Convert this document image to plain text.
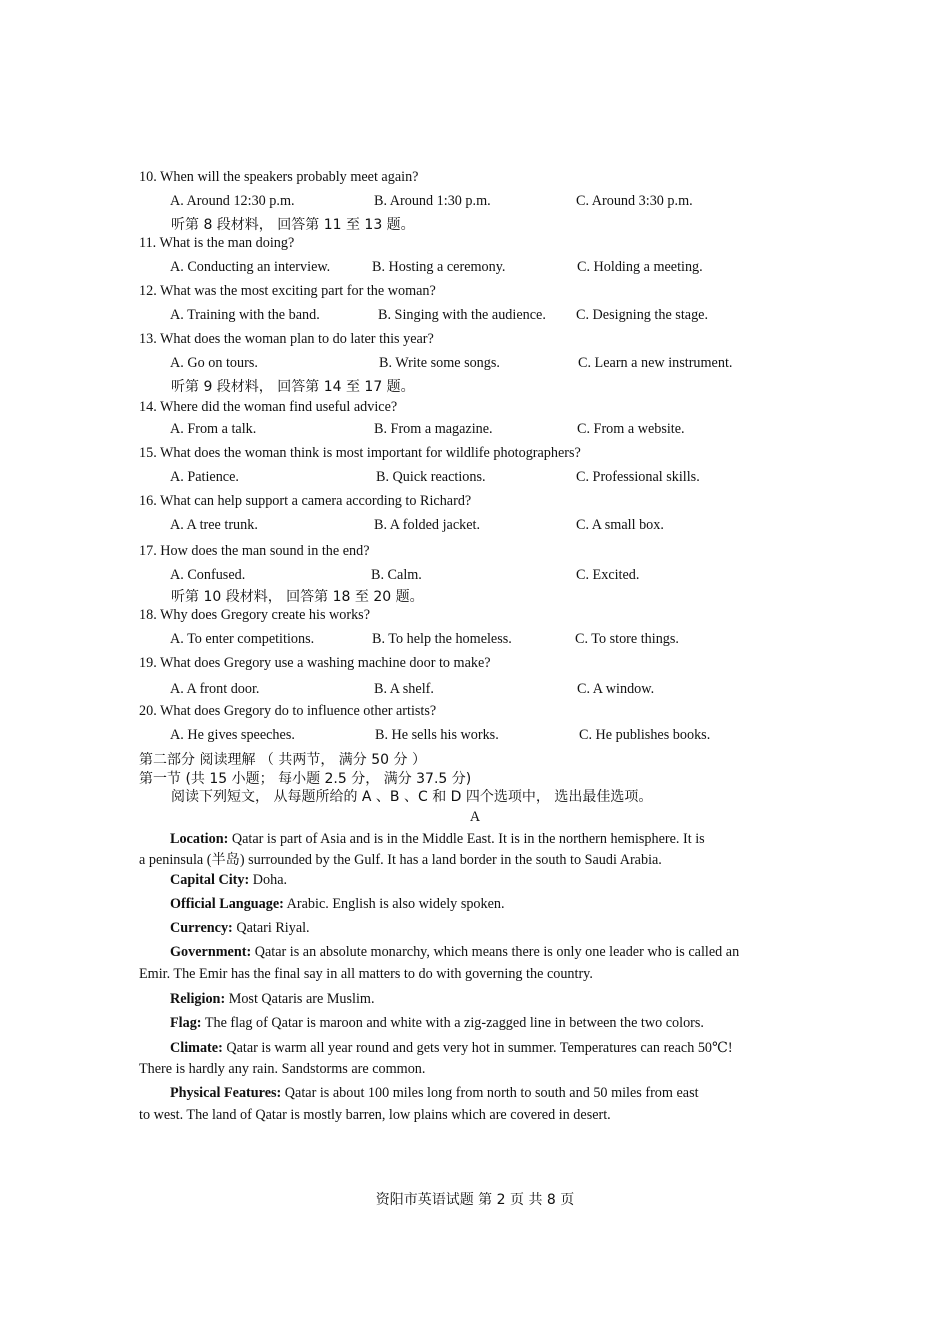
10. When will the speakers probably meet again?
A. Around 12:30 p.m.	B. Around 1:30 p.m.	C. Around 3:30 p.m.
听第 8 段材料， 回答第 11 至 13 题。
11. What is the man doing?
A. Conducting an interview.	B. Hosting a ceremony.	C. Holding a meeting.
12. What was the most exciting part for the woman?
A. Training with the band.	B. Singing with the audience. C. Designing the stage.
13. What does the woman plan to do later this year?
A. Go on tours.	B. Write some songs.	C. Learn a new instrument.
听第 9 段材料， 回答第 14 至 17 题。
14. Where did the woman find useful advice?
A. From a talk.	B. From a magazine.	C. From a website.
15. What does the woman think is most important for wildlife photographers?
A. Patience.	B. Quick reactions.	C. Professional skills.
16. What can help support a camera according to Richard?
A. A tree trunk.	B. A folded jacket.	C. A small box.
17. How does the man sound in the end?
A. Confused.	B. Calm.	C. Excited.
听第 10 段材料， 回答第 18 至 20 题。
18. Why does Gregory create his works?
A. To enter competitions.	B. To help the homeless.	C. To store things.
19. What does Gregory use a washing machine door to make?
A. A front door.	B. A shelf.	C. A window.
20. What does Gregory do to influence other artists?
A. He gives speeches.	B. He sells his works.	C. He publishes books.
第二部分 阅读理解 （ 共两节， 满分 50 分 ）
第一节 (共 15 小题； 每小题 2.5 分， 满分 37.5 分)
阅读下列短文， 从每题所给的 A 、B 、C 和 D 四个选项中， 选出最佳选项。
A
Location: Qatar is part of Asia and is in the Middle East. It is in the northern hemisphere. It is
a peninsula (半岛) surrounded by the Gulf. It has a land border in the south to Saudi Arabia.
Capital City: Doha.
Official Language: Arabic. English is also widely spoken.
Currency: Qatari Riyal.
Government: Qatar is an absolute monarchy, which means there is only one leader who is called an
Emir. The Emir has the final say in all matters to do with governing the country.
Religion: Most Qataris are Muslim.
Flag: The flag of Qatar is maroon and white with a zig-zagged line in between the two colors.
Climate: Qatar is warm all year round and gets very hot in summer. Temperatures can reach 50℃!
There is hardly any rain. Sandstorms are common.
Physical Features: Qatar is about 100 miles long from north to south and 50 miles from east
to west. The land of Qatar is mostly barren, low plains which are covered in desert.
资阳市英语试题 第 2 页 共 8 页
